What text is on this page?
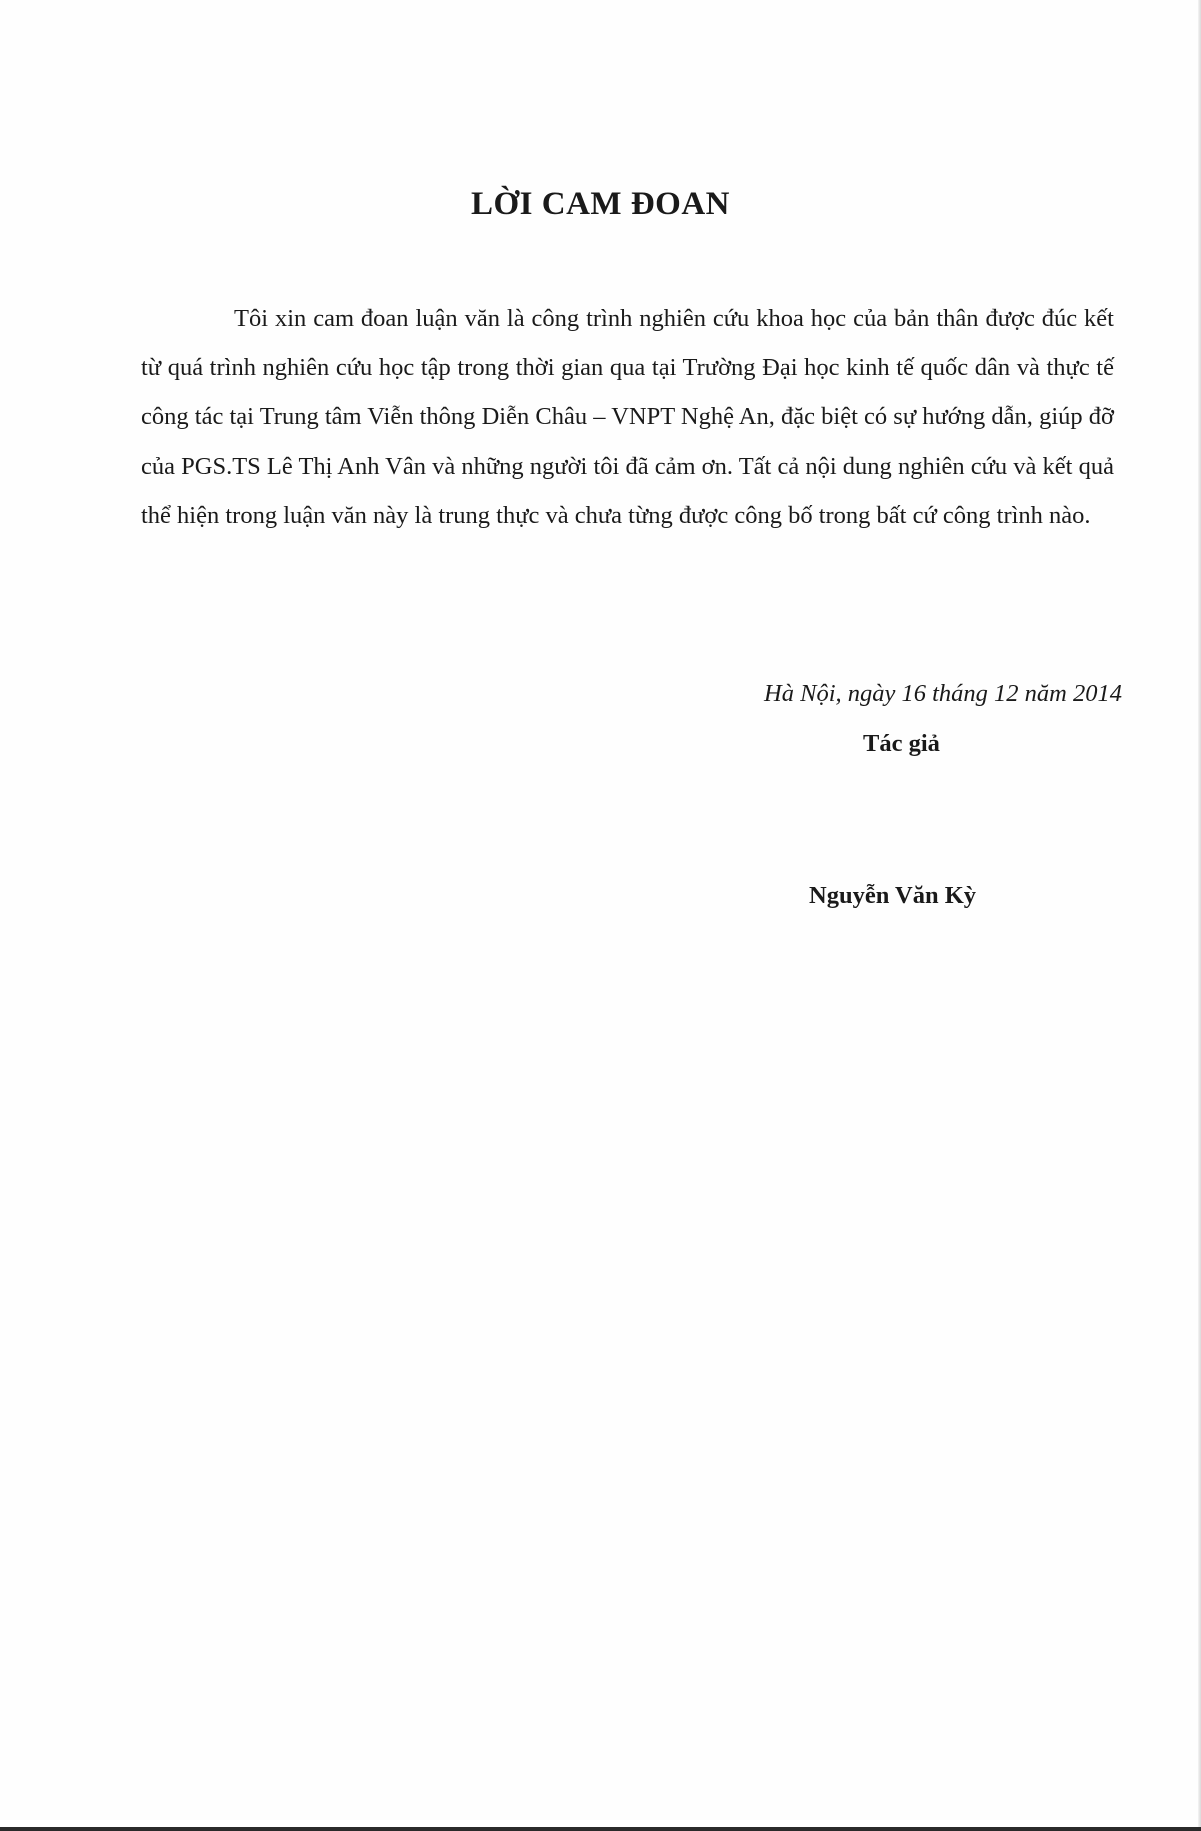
LỜI CAM ĐOAN

Tôi xin cam đoan luận văn là công trình nghiên cứu khoa học của bản thân được đúc kết từ quá trình nghiên cứu học tập trong thời gian qua tại Trường Đại học kinh tế quốc dân và thực tế công tác tại Trung tâm Viễn thông Diễn Châu – VNPT Nghệ An, đặc biệt có sự hướng dẫn, giúp đỡ của PGS.TS Lê Thị Anh Vân và những người tôi đã cảm ơn. Tất cả nội dung nghiên cứu và kết quả thể hiện trong luận văn này là trung thực và chưa từng được công bố trong bất cứ công trình nào.

Hà Nội, ngày 16 tháng 12 năm 2014

Tác giả

Nguyễn Văn Kỳ
